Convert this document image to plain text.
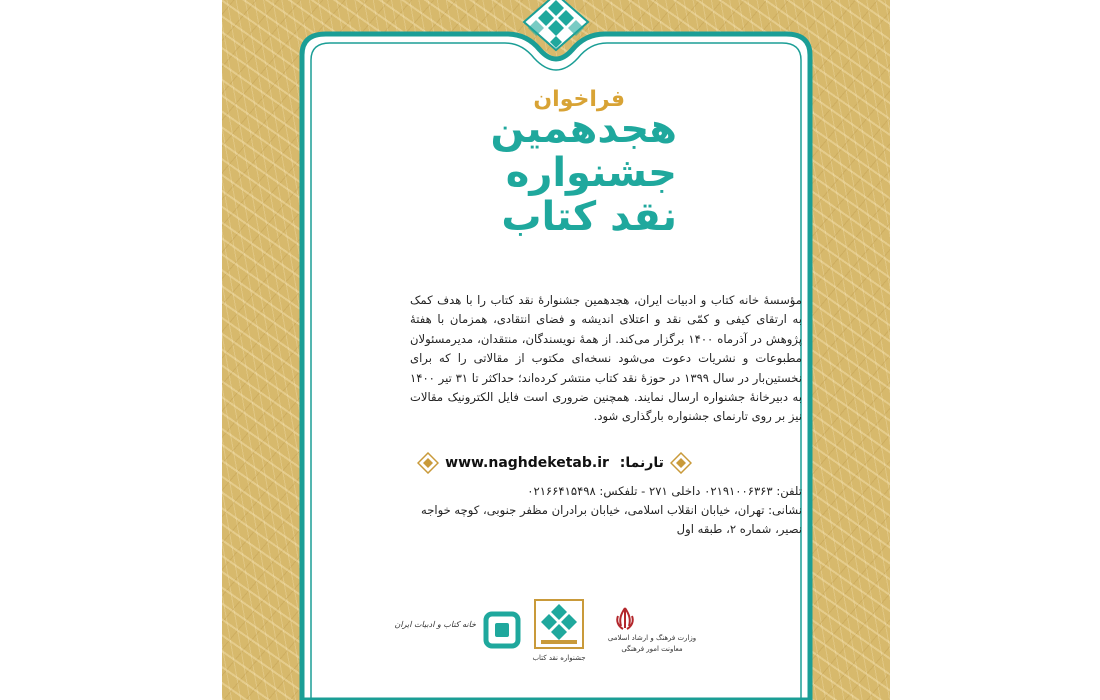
فراخوان
هجدهمین
جشنواره
نقد کتاب
مؤسسهٔ خانه کتاب و ادبیات ایران، هجدهمین جشنوارهٔ نقد کتاب را با هدف کمک به ارتقای کیفی و کمّی نقد و اعتلای اندیشه و فضای انتقادی، همزمان با هفتهٔ پژوهش در آذرماه ۱۴۰۰ برگزار می‌کند. از همهٔ نویسندگان، منتقدان، مدیرمسئولان مطبوعات و نشریات دعوت می‌شود نسخه‌ای مکتوب از مقالاتی را که برای نخستین‌بار در سال ۱۳۹۹ در حوزهٔ نقد کتاب منتشر کرده‌اند؛ حداکثر تا ۳۱ تیر ۱۴۰۰ به دبیرخانهٔ جشنواره ارسال نمایند. همچنین ضروری است فایل الکترونیک مقالات نیز بر روی تارنمای جشنواره بارگذاری شود.
تارنما: www.naghdeketab.ir
تلفن: ۰۲۱۹۱۰۰۶۳۶۳ داخلی ۲۷۱ - تلفکس: ۰۲۱۶۶۴۱۵۴۹۸
نشانی: تهران، خیابان انقلاب اسلامی، خیابان برادران مظفر جنوبی، کوچه خواجه نصیر، شماره ۲، طبقه اول
خانه کتاب و ادبیات ایران
جشنواره نقد کتاب
وزارت فرهنگ و ارشاد اسلامی
معاونت امور فرهنگی
